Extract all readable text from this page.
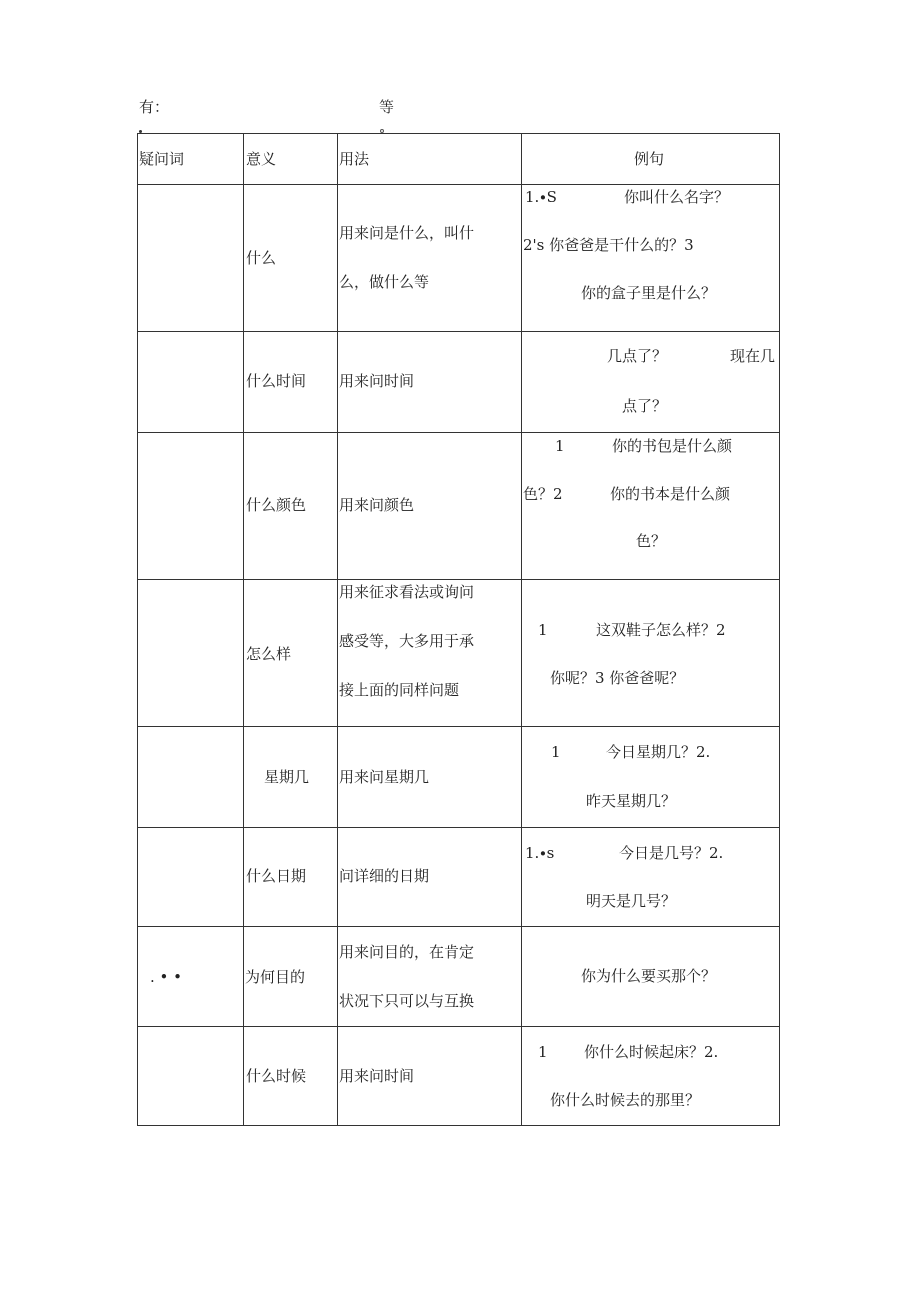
有：	等
疑问词	意义	用法	例句

	什么	用来问是什么，叫什
么，做什么等	1.∙S 你叫什么名字？
2's 你爸爸是干什么的？3
你的盒子里是什么？

	什么时间	用来问时间	几点了？ 现在几
点了？

	什么颜色	用来问颜色	1 你的书包是什么颜
色？2 你的书本是什么颜
色？

	怎么样	用来征求看法或询问
感受等，大多用于承
接上面的同样问题	1 这双鞋子怎么样？2
你呢？3 你爸爸呢？

	星期几	用来问星期几	1 今日星期几？2.
昨天星期几？

	什么日期	问详细的日期	1.∙s 今日是几号？2.
明天是几号？

. • •	为何目的	用来问目的，在肯定
状况下只可以与互换	你为什么要买那个？

	什么时候	用来问时间	1 你什么时候起床？2.
你什么时候去的那里？
